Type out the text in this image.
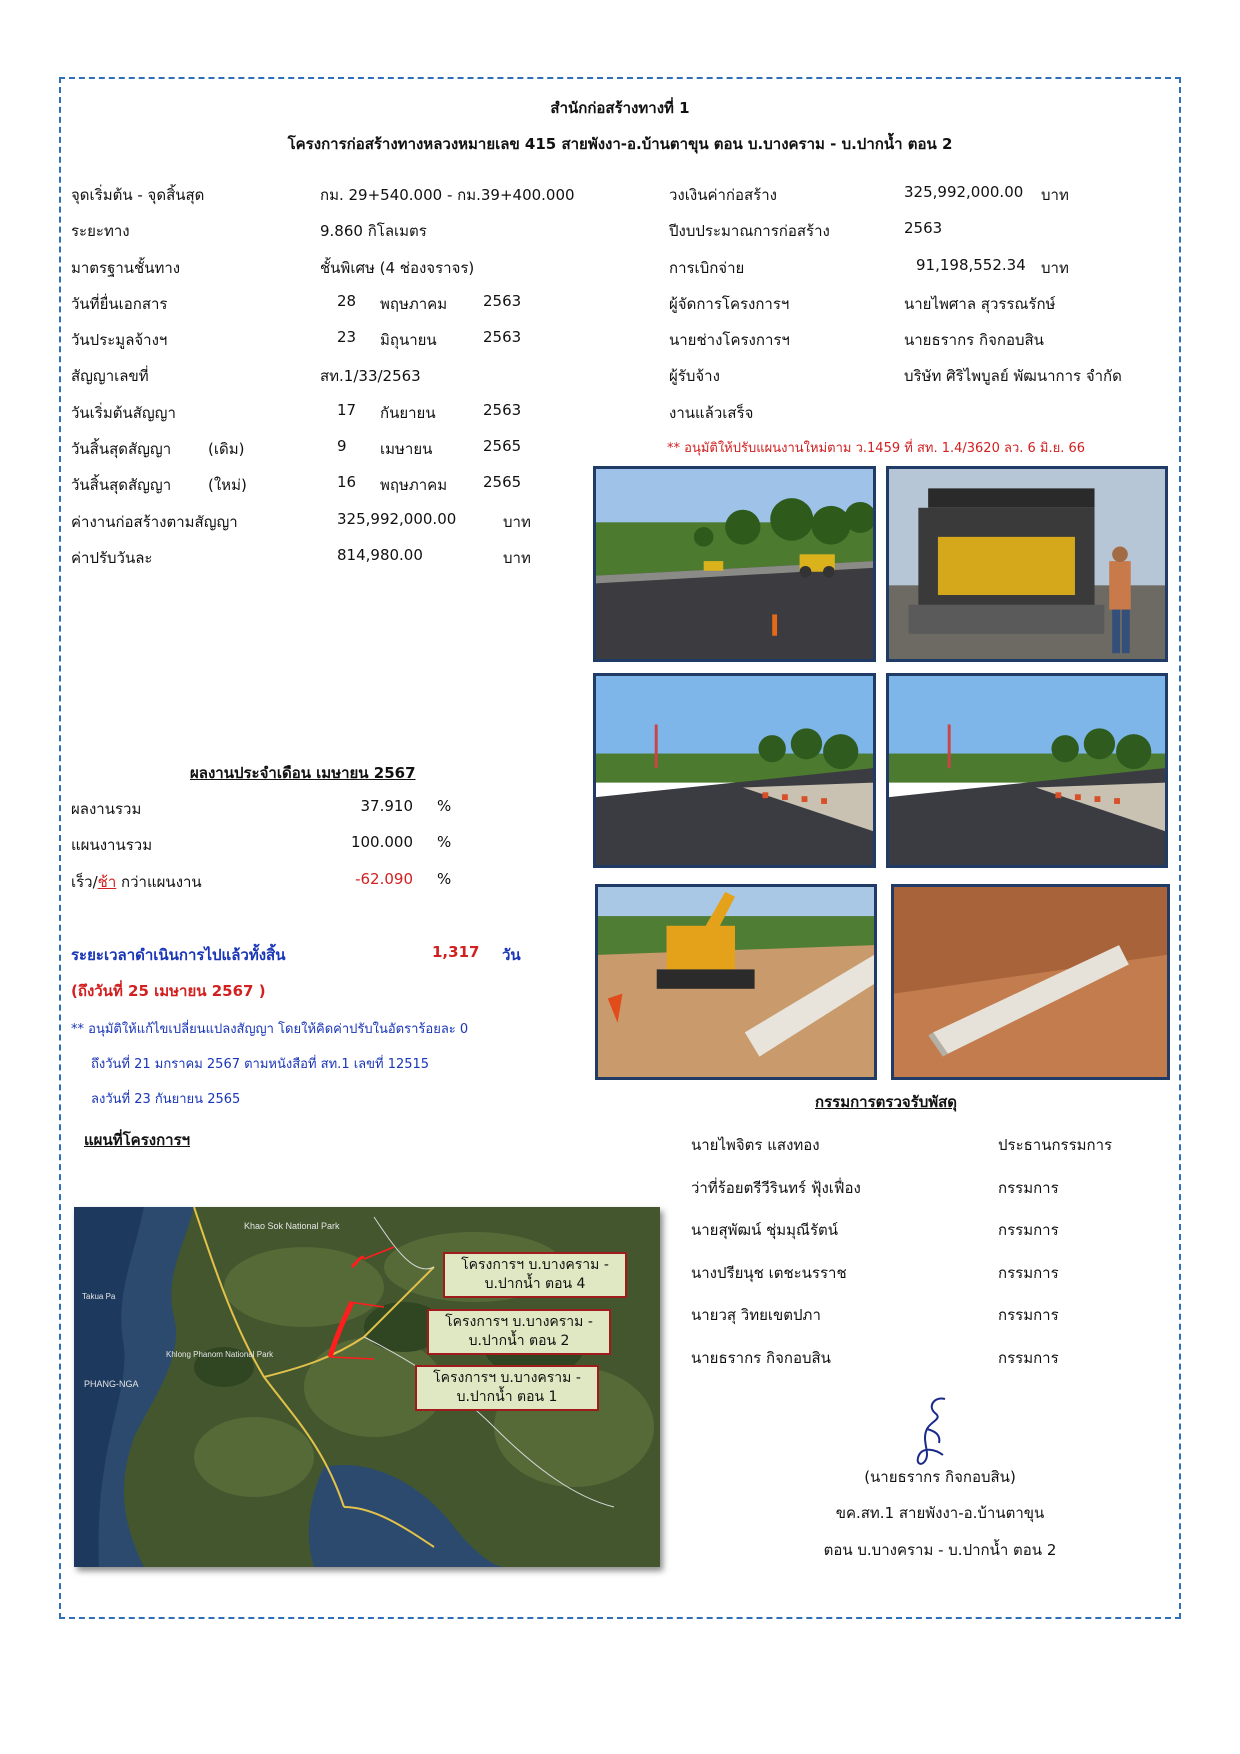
สำนักก่อสร้างทางที่ 1
โครงการก่อสร้างทางหลวงหมายเลข 415 สายพังงา-อ.บ้านตาขุน ตอน บ.บางคราม - บ.ปากน้ำ ตอน 2
จุดเริ่มต้น - จุดสิ้นสุด	กม. 29+540.000 - กม.39+400.000
ระยะทาง	9.860 กิโลเมตร
มาตรฐานชั้นทาง	ชั้นพิเศษ (4 ช่องจราจร)
วันที่ยื่นเอกสาร	28 พฤษภาคม 2563
วันประมูลจ้างฯ	23 มิถุนายน	2563
สัญญาเลขที่	สท.1/33/2563
วันเริ่มต้นสัญญา	17 กันยายน	2563
วันสิ้นสุดสัญญา (เดิม)	9 เมษายน	2565
วันสิ้นสุดสัญญา (ใหม่)	16 พฤษภาคม 2565
ค่างานก่อสร้างตามสัญญา	325,992,000.00	บาท
ค่าปรับวันละ	814,980.00	บาท
วงเงินค่าก่อสร้าง	325,992,000.00 บาท
ปีงบประมาณการก่อสร้าง	2563
การเบิกจ่าย	91,198,552.34 บาท
ผู้จัดการโครงการฯ	นายไพศาล สุวรรณรักษ์
นายช่างโครงการฯ	นายธรากร กิจกอบสิน
ผู้รับจ้าง	บริษัท ศิริไพบูลย์ พัฒนาการ จำกัด
งานแล้วเสร็จ
** อนุมัติให้ปรับแผนงานใหม่ตาม ว.1459 ที่ สท. 1.4/3620 ลว. 6 มิ.ย. 66
ผลงานประจำเดือน เมษายน 2567
ผลงานรวม	37.910 %
แผนงานรวม	100.000 %
เร็ว/ช้า กว่าแผนงาน	-62.090 %
ระยะเวลาดำเนินการไปแล้วทั้งสิ้น	1,317 วัน
(ถึงวันที่ 25 เมษายน 2567 )
** อนุมัติให้แก้ไขเปลี่ยนแปลงสัญญา โดยให้คิดค่าปรับในอัตราร้อยละ 0
ถึงวันที่ 21 มกราคม 2567 ตามหนังสือที่ สท.1 เลขที่ 12515
ลงวันที่ 23 กันยายน 2565
แผนที่โครงการฯ
Khao Sok National Park
Takua Pa
Khlong Phanom National Park
PHANG-NGA
โครงการฯ บ.บางคราม -
บ.ปากน้ำ ตอน 4
โครงการฯ บ.บางคราม -
บ.ปากน้ำ ตอน 2
โครงการฯ บ.บางคราม -
บ.ปากน้ำ ตอน 1
กรรมการตรวจรับพัสดุ
นายไพจิตร แสงทอง	ประธานกรรมการ
ว่าที่ร้อยตรีวีรินทร์ ฟุ้งเฟื่อง	กรรมการ
นายสุพัฒน์ ชุ่มมุณีรัตน์	กรรมการ
นางปรียนุช เตชะนรราช	กรรมการ
นายวสุ วิทยเขตปภา	กรรมการ
นายธรากร กิจกอบสิน	กรรมการ
(นายธรากร กิจกอบสิน)
ขค.สท.1 สายพังงา-อ.บ้านตาขุน
ตอน บ.บางคราม - บ.ปากน้ำ ตอน 2
